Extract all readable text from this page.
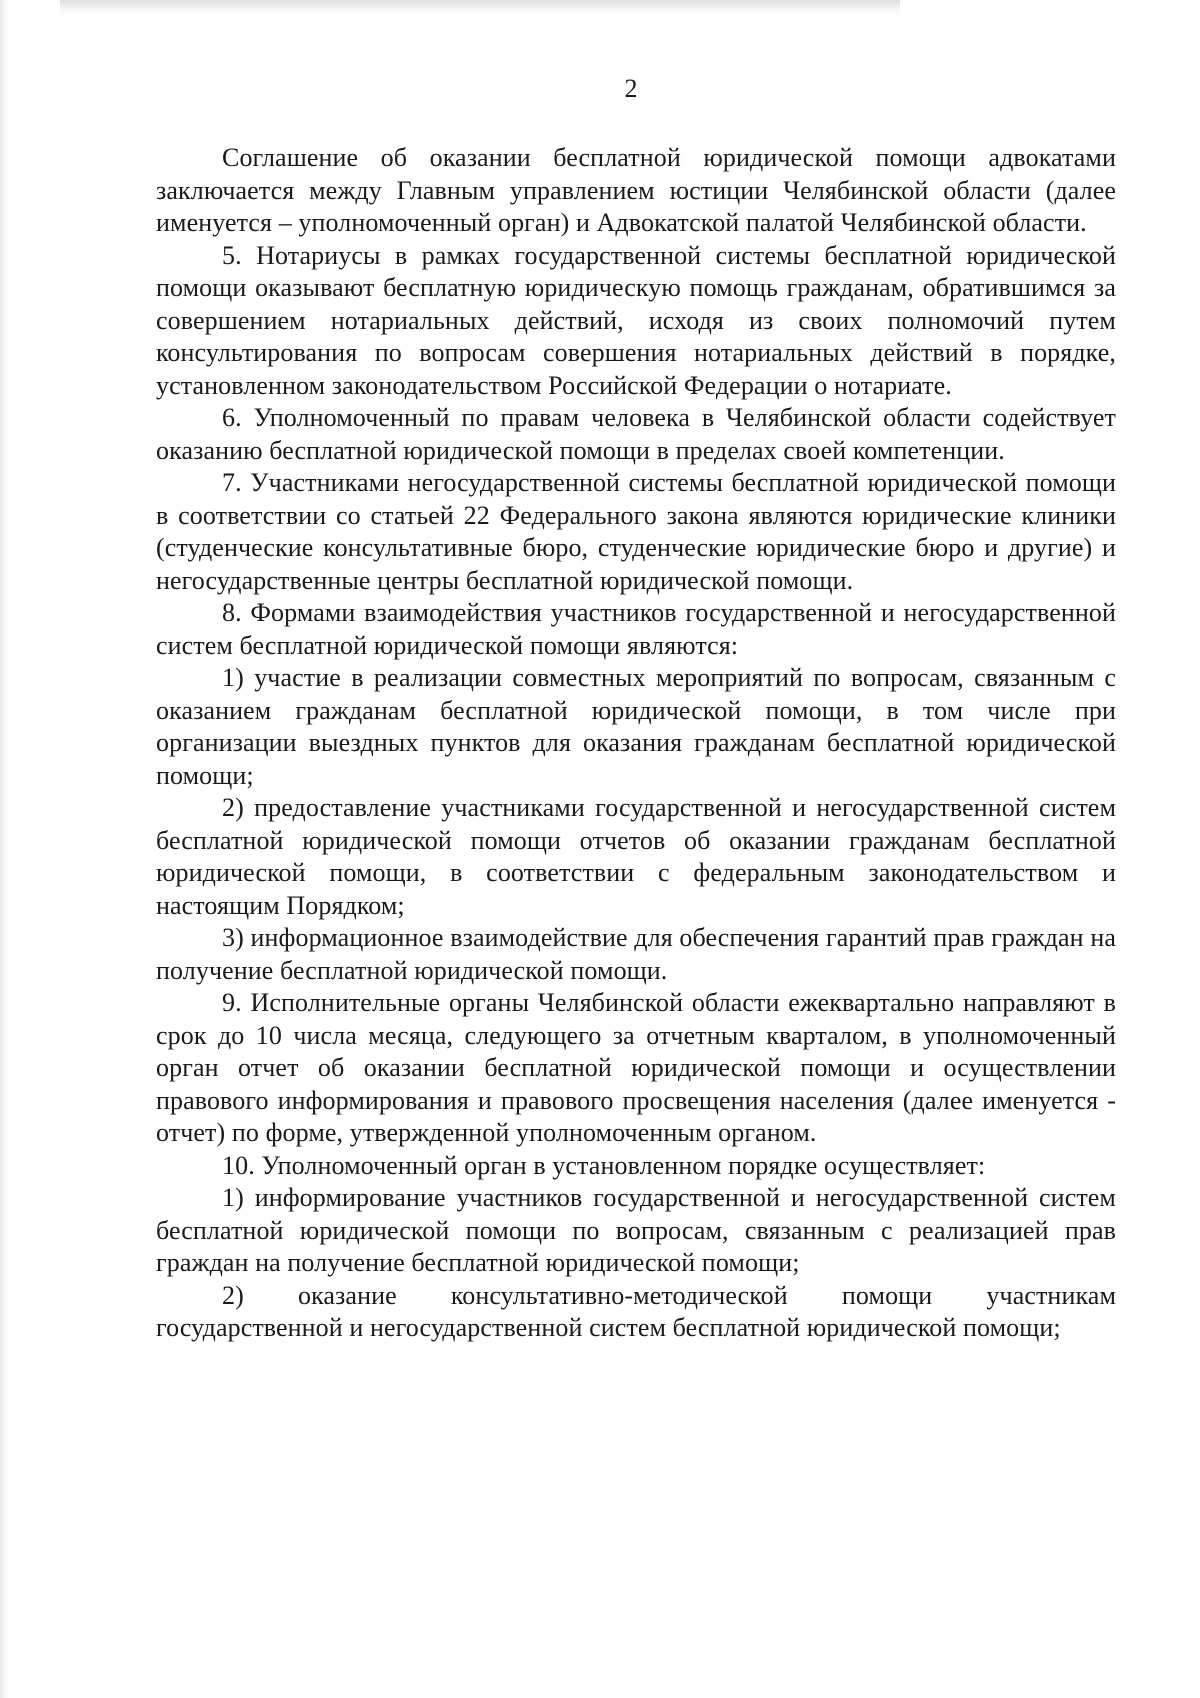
2

Соглашение об оказании бесплатной юридической помощи адвокатами заключается между Главным управлением юстиции Челябинской области (далее именуется – уполномоченный орган) и Адвокатской палатой Челябинской области.

5. Нотариусы в рамках государственной системы бесплатной юридической помощи оказывают бесплатную юридическую помощь гражданам, обратившимся за совершением нотариальных действий, исходя из своих полномочий путем консультирования по вопросам совершения нотариальных действий в порядке, установленном законодательством Российской Федерации о нотариате.

6. Уполномоченный по правам человека в Челябинской области содействует оказанию бесплатной юридической помощи в пределах своей компетенции.

7. Участниками негосударственной системы бесплатной юридической помощи в соответствии со статьей 22 Федерального закона являются юридические клиники (студенческие консультативные бюро, студенческие юридические бюро и другие) и негосударственные центры бесплатной юридической помощи.

8. Формами взаимодействия участников государственной и негосударственной систем бесплатной юридической помощи являются:

1) участие в реализации совместных мероприятий по вопросам, связанным с оказанием гражданам бесплатной юридической помощи, в том числе при организации выездных пунктов для оказания гражданам бесплатной юридической помощи;

2) предоставление участниками государственной и негосударственной систем бесплатной юридической помощи отчетов об оказании гражданам бесплатной юридической помощи, в соответствии с федеральным законодательством и настоящим Порядком;

3) информационное взаимодействие для обеспечения гарантий прав граждан на получение бесплатной юридической помощи.

9. Исполнительные органы Челябинской области ежеквартально направляют в срок до 10 числа месяца, следующего за отчетным кварталом, в уполномоченный орган отчет об оказании бесплатной юридической помощи и осуществлении правового информирования и правового просвещения населения (далее именуется - отчет) по форме, утвержденной уполномоченным органом.

10. Уполномоченный орган в установленном порядке осуществляет:

1) информирование участников государственной и негосударственной систем бесплатной юридической помощи по вопросам, связанным с реализацией прав граждан на получение бесплатной юридической помощи;

2) оказание консультативно-методической помощи участникам государственной и негосударственной систем бесплатной юридической помощи;
